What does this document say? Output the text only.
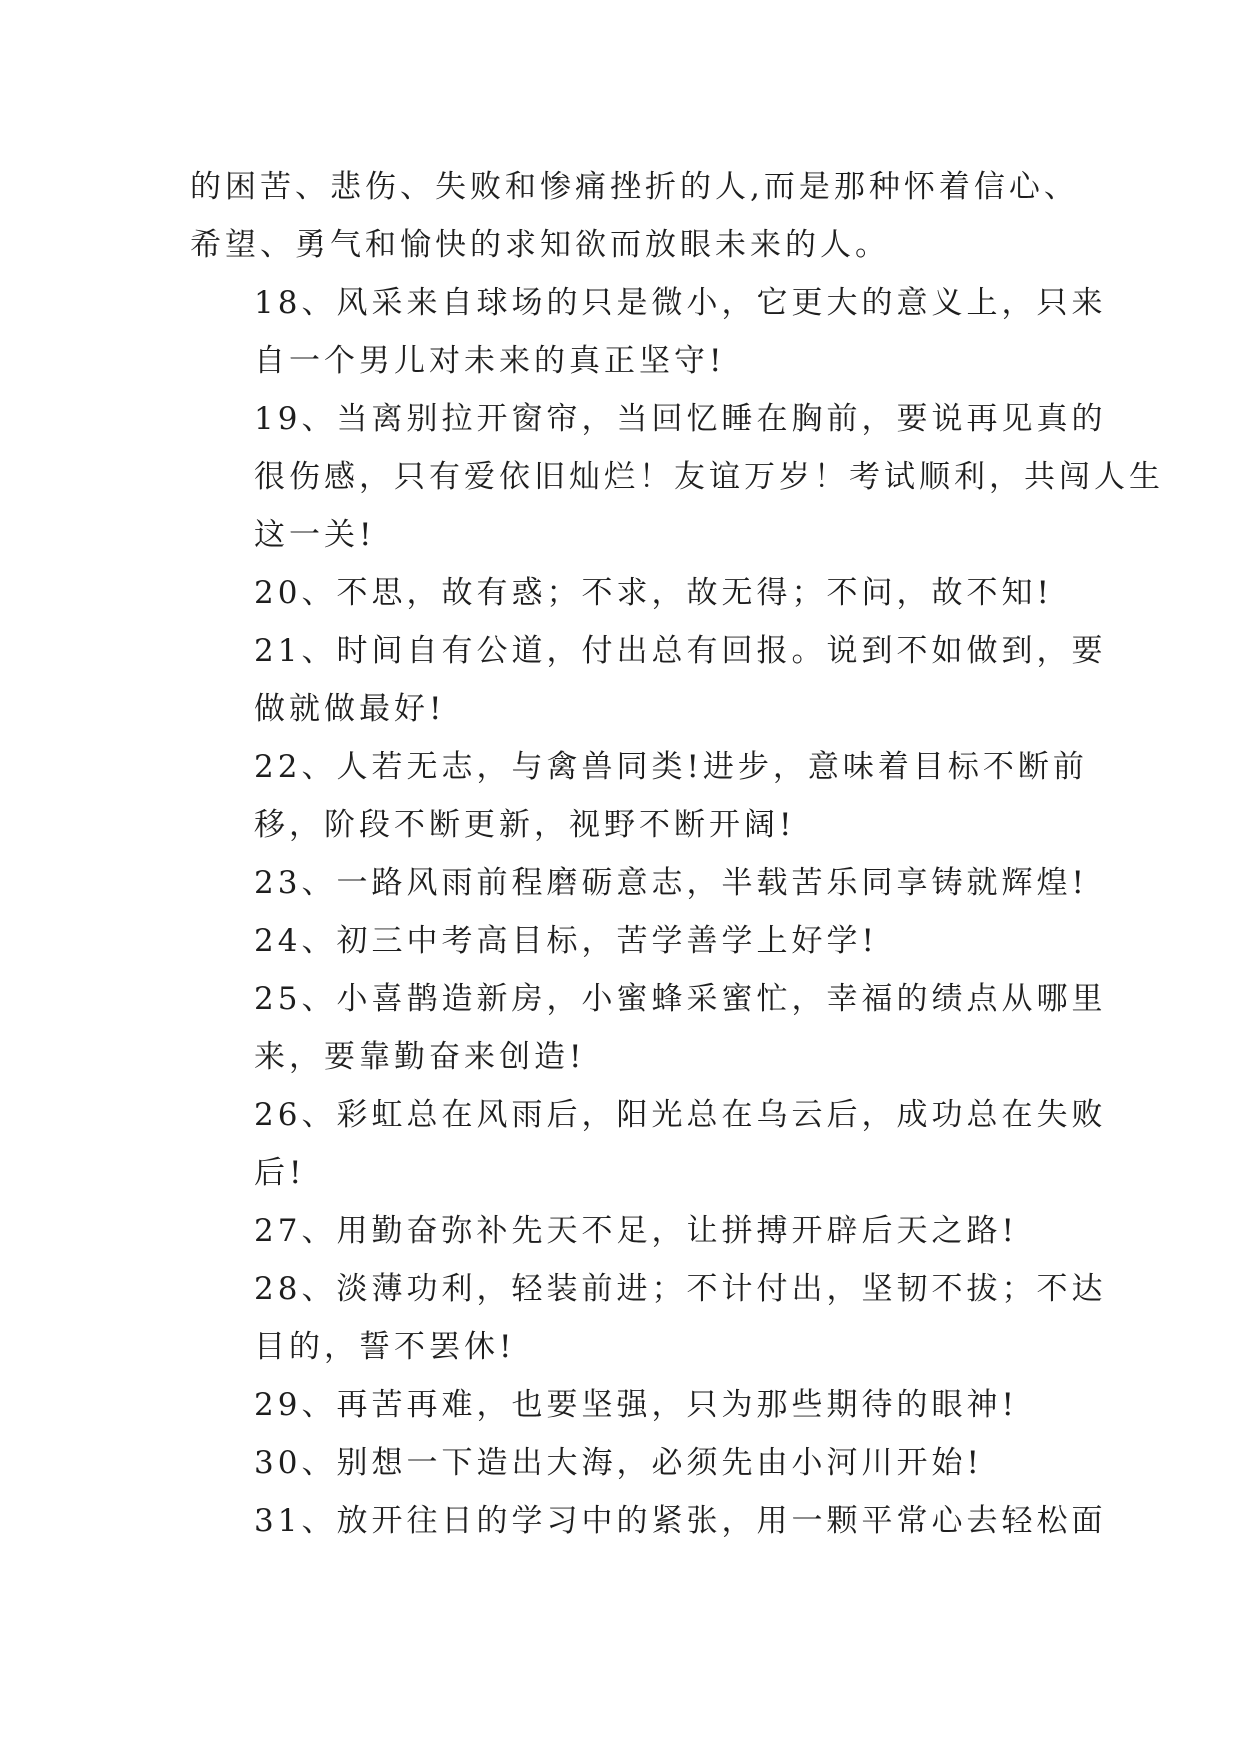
的困苦、悲伤、失败和惨痛挫折的人,而是那种怀着信心、
希望、勇气和愉快的求知欲而放眼未来的人。

18、风采来自球场的只是微小，它更大的意义上，只来
自一个男儿对未来的真正坚守!

19、当离别拉开窗帘，当回忆睡在胸前，要说再见真的
很伤感，只有爱依旧灿烂！友谊万岁！考试顺利，共闯人生
这一关!

20、不思，故有惑；不求，故无得；不问，故不知!

21、时间自有公道，付出总有回报。说到不如做到，要
做就做最好!

22、人若无志，与禽兽同类!进步，意味着目标不断前
移，阶段不断更新，视野不断开阔!

23、一路风雨前程磨砺意志，半载苦乐同享铸就辉煌!

24、初三中考高目标，苦学善学上好学!

25、小喜鹊造新房，小蜜蜂采蜜忙，幸福的绩点从哪里
来，要靠勤奋来创造!

26、彩虹总在风雨后，阳光总在乌云后，成功总在失败
后!

27、用勤奋弥补先天不足，让拼搏开辟后天之路!

28、淡薄功利，轻装前进；不计付出，坚韧不拔；不达
目的，誓不罢休!

29、再苦再难，也要坚强，只为那些期待的眼神!

30、别想一下造出大海，必须先由小河川开始!

31、放开往日的学习中的紧张，用一颗平常心去轻松面
